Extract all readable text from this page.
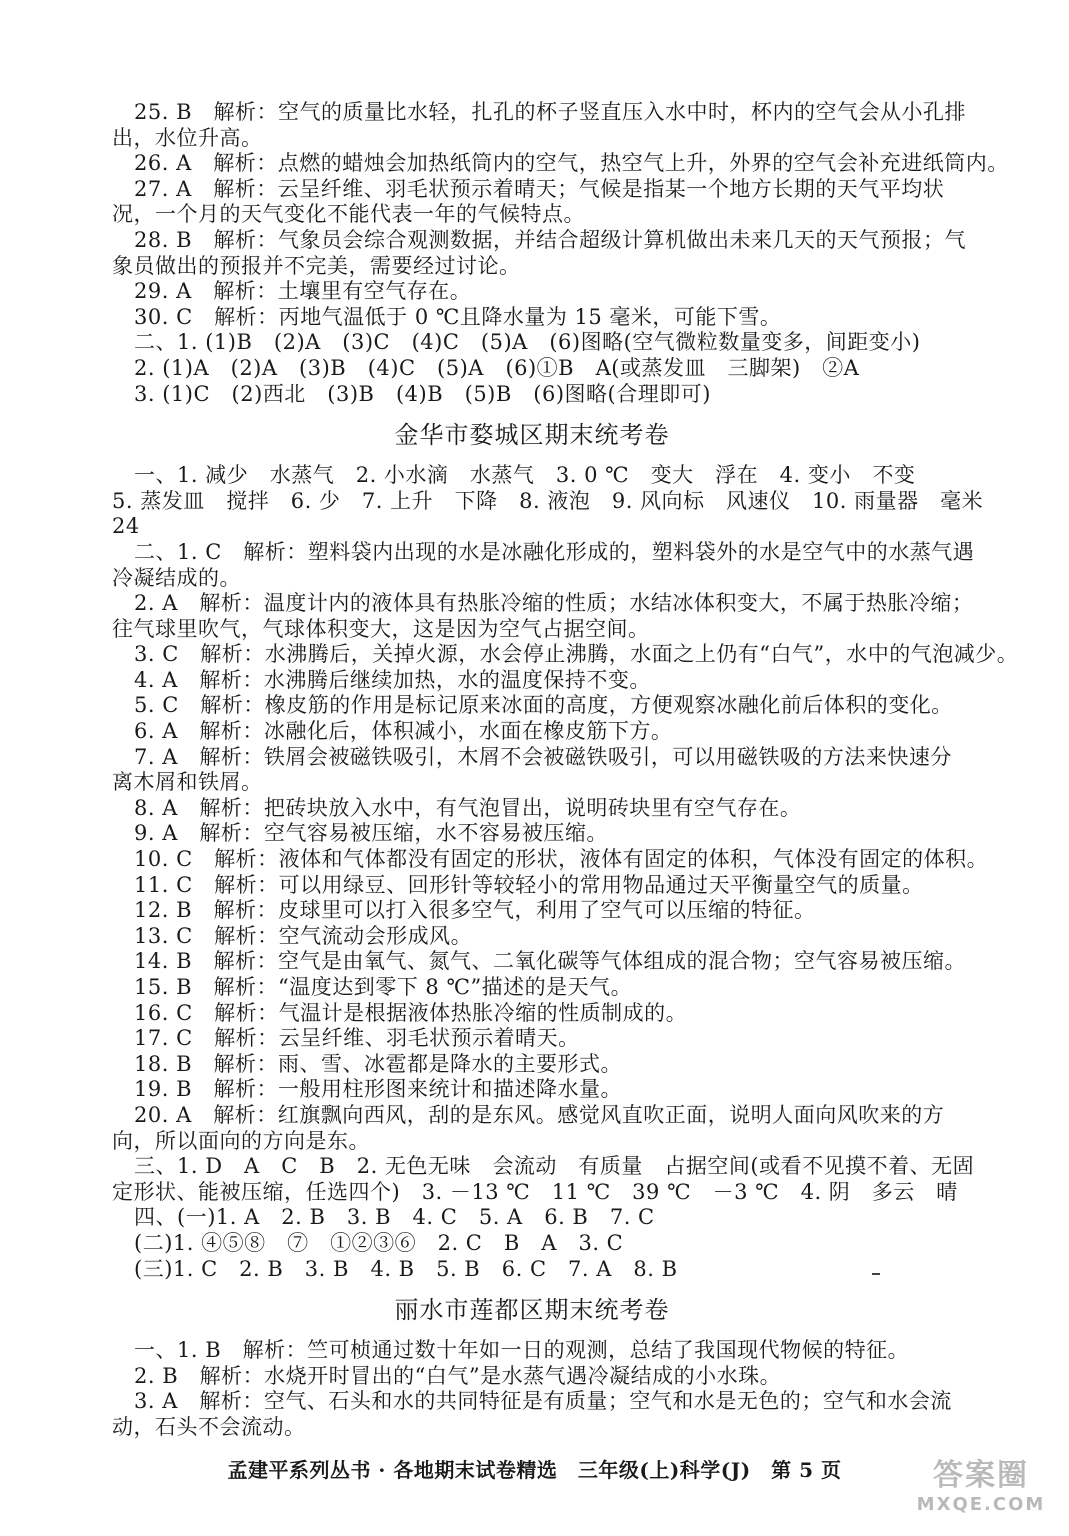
25. B　解析：空气的质量比水轻，扎孔的杯子竖直压入水中时，杯内的空气会从小孔排
出，水位升高。
26. A　解析：点燃的蜡烛会加热纸筒内的空气，热空气上升，外界的空气会补充进纸筒内。
27. A　解析：云呈纤维、羽毛状预示着晴天；气候是指某一个地方长期的天气平均状
况，一个月的天气变化不能代表一年的气候特点。
28. B　解析：气象员会综合观测数据，并结合超级计算机做出未来几天的天气预报；气
象员做出的预报并不完美，需要经过讨论。
29. A　解析：土壤里有空气存在。
30. C　解析：丙地气温低于 0 ℃且降水量为 15 毫米，可能下雪。
二、1. (1)B　(2)A　(3)C　(4)C　(5)A　(6)图略(空气微粒数量变多，间距变小)
2. (1)A　(2)A　(3)B　(4)C　(5)A　(6)①B　A(或蒸发皿　三脚架)　②A
3. (1)C　(2)西北　(3)B　(4)B　(5)B　(6)图略(合理即可)
金华市婺城区期末统考卷
一、1. 减少　水蒸气　2. 小水滴　水蒸气　3. 0 ℃　变大　浮在　4. 变小　不变
5. 蒸发皿　搅拌　6. 少　7. 上升　下降　8. 液泡　9. 风向标　风速仪　10. 雨量器　毫米
24
二、1. C　解析：塑料袋内出现的水是冰融化形成的，塑料袋外的水是空气中的水蒸气遇
冷凝结成的。
2. A　解析：温度计内的液体具有热胀冷缩的性质；水结冰体积变大，不属于热胀冷缩；
往气球里吹气，气球体积变大，这是因为空气占据空间。
3. C　解析：水沸腾后，关掉火源，水会停止沸腾，水面之上仍有“白气”，水中的气泡减少。
4. A　解析：水沸腾后继续加热，水的温度保持不变。
5. C　解析：橡皮筋的作用是标记原来冰面的高度，方便观察冰融化前后体积的变化。
6. A　解析：冰融化后，体积减小，水面在橡皮筋下方。
7. A　解析：铁屑会被磁铁吸引，木屑不会被磁铁吸引，可以用磁铁吸的方法来快速分
离木屑和铁屑。
8. A　解析：把砖块放入水中，有气泡冒出，说明砖块里有空气存在。
9. A　解析：空气容易被压缩，水不容易被压缩。
10. C　解析：液体和气体都没有固定的形状，液体有固定的体积，气体没有固定的体积。
11. C　解析：可以用绿豆、回形针等较轻小的常用物品通过天平衡量空气的质量。
12. B　解析：皮球里可以打入很多空气，利用了空气可以压缩的特征。
13. C　解析：空气流动会形成风。
14. B　解析：空气是由氧气、氮气、二氧化碳等气体组成的混合物；空气容易被压缩。
15. B　解析：“温度达到零下 8 ℃”描述的是天气。
16. C　解析：气温计是根据液体热胀冷缩的性质制成的。
17. C　解析：云呈纤维、羽毛状预示着晴天。
18. B　解析：雨、雪、冰雹都是降水的主要形式。
19. B　解析：一般用柱形图来统计和描述降水量。
20. A　解析：红旗飘向西风，刮的是东风。感觉风直吹正面，说明人面向风吹来的方
向，所以面向的方向是东。
三、1. D　A　C　B　2. 无色无味　会流动　有质量　占据空间(或看不见摸不着、无固
定形状、能被压缩，任选四个)　3. －13 ℃　11 ℃　39 ℃　－3 ℃　4. 阴　多云　晴
四、(一)1. A　2. B　3. B　4. C　5. A　6. B　7. C
(二)1. ④⑤⑧　⑦　①②③⑥　2. C　B　A　3. C
(三)1. C　2. B　3. B　4. B　5. B　6. C　7. A　8. B
丽水市莲都区期末统考卷
一、1. B　解析：竺可桢通过数十年如一日的观测，总结了我国现代物候的特征。
2. B　解析：水烧开时冒出的“白气”是水蒸气遇冷凝结成的小水珠。
3. A　解析：空气、石头和水的共同特征是有质量；空气和水是无色的；空气和水会流
动，石头不会流动。
孟建平系列丛书 · 各地期末试卷精选　三年级(上)科学(J)　第 5 页	答案圈
MXQE.COM
